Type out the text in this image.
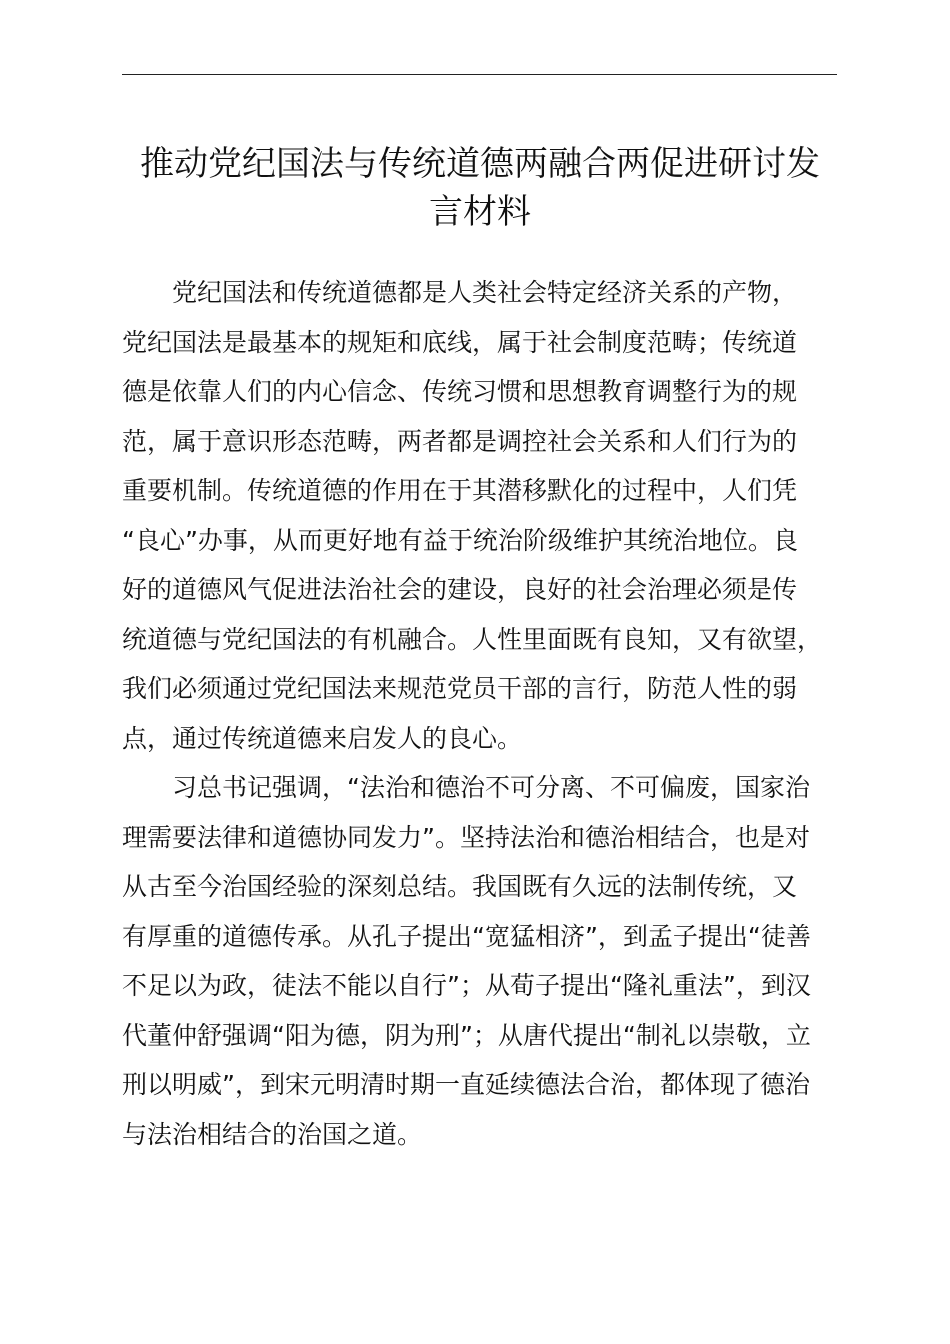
推动党纪国法与传统道德两融合两促进研讨发
言材料
党纪国法和传统道德都是人类社会特定经济关系的产物，
党纪国法是最基本的规矩和底线，属于社会制度范畴；传统道
德是依靠人们的内心信念、传统习惯和思想教育调整行为的规
范，属于意识形态范畴，两者都是调控社会关系和人们行为的
重要机制。传统道德的作用在于其潜移默化的过程中，人们凭
“良心”办事，从而更好地有益于统治阶级维护其统治地位。良
好的道德风气促进法治社会的建设，良好的社会治理必须是传
统道德与党纪国法的有机融合。人性里面既有良知，又有欲望，
我们必须通过党纪国法来规范党员干部的言行，防范人性的弱
点，通过传统道德来启发人的良心。
习总书记强调，“法治和德治不可分离、不可偏废，国家治
理需要法律和道德协同发力”。坚持法治和德治相结合，也是对
从古至今治国经验的深刻总结。我国既有久远的法制传统，又
有厚重的道德传承。从孔子提出“宽猛相济”，到孟子提出“徒善
不足以为政，徒法不能以自行”；从荀子提出“隆礼重法”，到汉
代董仲舒强调“阳为德，阴为刑”；从唐代提出“制礼以崇敬，立
刑以明威”，到宋元明清时期一直延续德法合治，都体现了德治
与法治相结合的治国之道。
